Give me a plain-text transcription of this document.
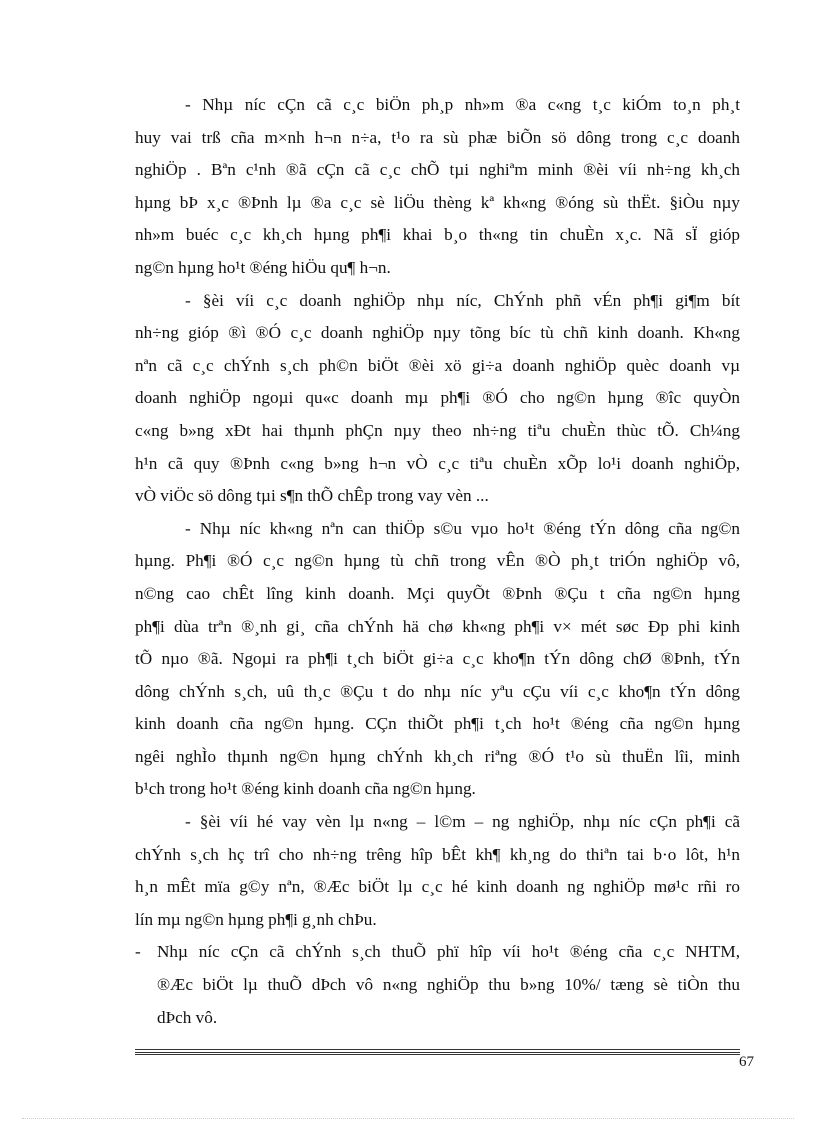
- Nhµ níc cÇn cã c¸c biÖn ph¸p nh»m ®a c«ng t¸c kiÓm to¸n ph¸t
huy vai trß cña m×nh h¬n n÷a, t¹o ra sù phæ biÕn sö dông trong c¸c doanh
nghiÖp . Bªn c¹nh ®ã cÇn cã c¸c chÕ tµi nghiªm minh ®èi víi nh÷ng kh¸ch
hµng bÞ x¸c ®Þnh lµ ®a c¸c sè liÖu thèng kª kh«ng ®óng sù thËt. §iÒu nµy
nh»m buéc c¸c kh¸ch hµng ph¶i khai b¸o th«ng tin chuÈn x¸c. Nã sÏ gióp
ng©n hµng ho¹t ®éng hiÖu qu¶ h¬n.
- §èi víi c¸c doanh nghiÖp nhµ níc, ChÝnh phñ vÉn ph¶i gi¶m bít
nh÷ng gióp ®ì ®Ó c¸c doanh nghiÖp nµy tõng bíc tù chñ kinh doanh. Kh«ng
nªn cã c¸c chÝnh s¸ch ph©n biÖt ®èi xö gi÷a doanh nghiÖp quèc doanh vµ
doanh nghiÖp ngoµi qu«c doanh mµ ph¶i ®Ó cho ng©n hµng ®îc quyÒn
c«ng b»ng xÐt hai thµnh phÇn nµy theo nh÷ng tiªu chuÈn thùc tÕ. Ch¼ng
h¹n cã quy ®Þnh c«ng b»ng h¬n vÒ c¸c tiªu chuÈn xÕp lo¹i doanh nghiÖp,
vÒ viÖc sö dông tµi s¶n thÕ chÊp trong vay vèn ...
- Nhµ níc kh«ng nªn can thiÖp s©u vµo ho¹t ®éng tÝn dông cña ng©n
hµng. Ph¶i ®Ó c¸c ng©n hµng tù chñ trong vÊn ®Ò ph¸t triÓn nghiÖp vô,
n©ng cao chÊt lîng kinh doanh. Mçi quyÕt ®Þnh ®Çu t cña ng©n hµng
ph¶i dùa trªn ®¸nh gi¸ cña chÝnh hä chø kh«ng ph¶i v× mét søc Ðp phi kinh
tÕ nµo ®ã. Ngoµi ra ph¶i t¸ch biÖt gi÷a c¸c kho¶n tÝn dông chØ ®Þnh, tÝn
dông chÝnh s¸ch, uû th¸c ®Çu t do nhµ níc yªu cÇu víi c¸c kho¶n tÝn dông
kinh doanh cña ng©n hµng. CÇn thiÕt ph¶i t¸ch ho¹t ®éng cña ng©n hµng
ngêi nghÌo thµnh ng©n hµng chÝnh kh¸ch riªng ®Ó t¹o sù thuËn lîi, minh
b¹ch trong ho¹t ®éng kinh doanh cña ng©n hµng.
- §èi víi hé vay vèn lµ n«ng – l©m – ng nghiÖp, nhµ níc cÇn ph¶i cã
chÝnh s¸ch hç trî cho nh÷ng trêng hîp bÊt kh¶ kh¸ng do thiªn tai b·o lôt, h¹n
h¸n mÊt mïa g©y nªn, ®Æc biÖt lµ c¸c hé kinh doanh ng nghiÖp mø¹c rñi ro
lín mµ ng©n hµng ph¶i g¸nh chÞu.
- Nhµ níc cÇn cã chÝnh s¸ch thuÕ phï hîp víi ho¹t ®éng cña c¸c NHTM,
®Æc biÖt lµ thuÕ dÞch vô n«ng nghiÖp thu b»ng 10%/ tæng sè tiÒn thu
dÞch vô.
67
